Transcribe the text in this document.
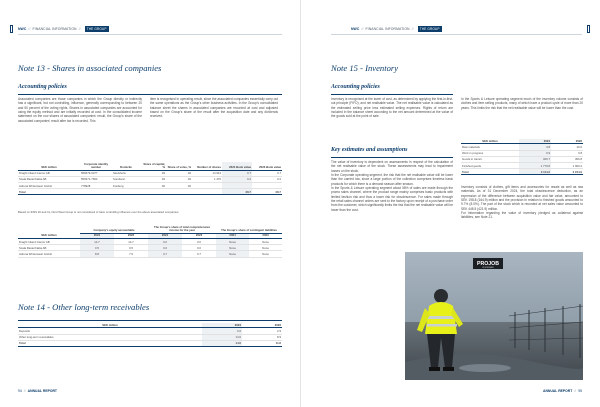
NWC // FINANCIAL INFORMATION //	THE GROUP
Note 13 - Shares in associated companies
Accounting policies
Associated companies are those companies in which the Group directly or indirectly has a significant, but not controlling, influence, generally corresponding to between 20 and 50 percent of the voting rights. Shares in associated companies are accounted for using the equity method and are initially recorded at cost. In the consolidated income statement on the row shares of associated companies' result, the Group's share of the associated companies' result after tax is recorded. This
item is recognised in operating result, since the associated companies essentially carry out the same operations as the Group's other business activities. In the Group's consolidated balance sheet the shares in associated companies are recorded at cost and adjusted based on the Group's share of the result after the acquisition date and any dividends received.
SEK million	Corporate identity number	Domicile	Share of capital, %	Share of votes, %	Number of shares	2024 Book value	2023 Book value
Draght Inland Interior AB	556679-6377	Stockholm	49	49	14 913	0.7	0.7
Scala Rasterfrakta AB	559371-7604	Sundsval	49	49	1 470	0.2	0.2
Adrena Winterwear GmbH	778928	Freiburg	40	40			
Total						28.7	28.7
Based on IFRS 10 and 11, Nord West Group is not considered to have controlling influence over the above associated companies.
	Company's equity accountable		The Group's share of total comprehensive income for the year		The Group's share of contingent liabilities	
SEK million	2024	2023	2024	2023	2024	2023
Draght Inland Interior AB	14.7	14.7	0.0	0.0	None	None
Scala Rasterfrakta AB	0.5	0.5	0.0	0.0	None	None
Adrena Winterwear GmbH	8.8	7.9	0.7	0.7	None	None
Note 14 - Other long-term receivables
SEK million	2024	2023
Deposits	0.0	2.9
Other long-term receivables	14.6	8.9
Total	14.6	11.8
94 // ANNUAL REPORT
NWC // FINANCIAL INFORMATION //	THE GROUP
Note 15 - Inventory
Accounting policies
Inventory is recognised at the lower of cost, as determined by applying the first-in-first-out principle (FIFO), and net realisable value. The net realisable value is calculated as the estimated selling price less estimated selling expenses. Rights of return are included in the balance sheet according to the net amount determined at the value of the goods sold at the point of sale.
Key estimates and assumptions
The value of inventory is dependent on assessments in respect of the calculation of the net realisable value of the stock. These assessments may lead to impairment losses on the stock.
In the Corporate operating segment, the risk that the net realisable value will be lower than the carried low, since a large portion of the collection comprises timeless basic products for which there is a demand season after season.
In the Sports & Leisure operating segment about 58% of sales are made through the promo sales channel, where the product range mainly comprises basic products with limited fashion risk and thus a lower risk for obsolescence. For sales made through the retail sales channel orders are sent to the factory upon receipt of a purchase order from the customer, which significantly limits the risk that the net realisable value will be lower than the cost.
In the Sports & Leisure operating segment much of the inventory volume consists of clothes and item selling products, many of which have a product cycle of more than 20 years. This limits the risk that the net realisable value will be lower than the cost.
SEK million	2024	2023
Raw materials	3.8	16.6
Work in progress	0.9	0.8
Goods in transit	329.7	306.8
Finished goods	1 779.8	1 900.4
Total	2 114.2	2 244.9
Inventory consists of clothes, gift items and accessories for resale as well as raw materials. As of 31 December 2024, the total obsolescence deduction, as an expression of the difference between acquisition value and fair value, amounted to SEK 198.8 (164.9) million and the provision in relation to finished goods amounted to 9.7% (8.0%). The part of the stock which is recorded at net sales value amounted to SEK 448.5 (421.9) million.
For information regarding the value of inventory pledged as collateral against liabilities, see Note 21.
ANNUAL REPORT // 95
PROJOB
WORKWEAR
